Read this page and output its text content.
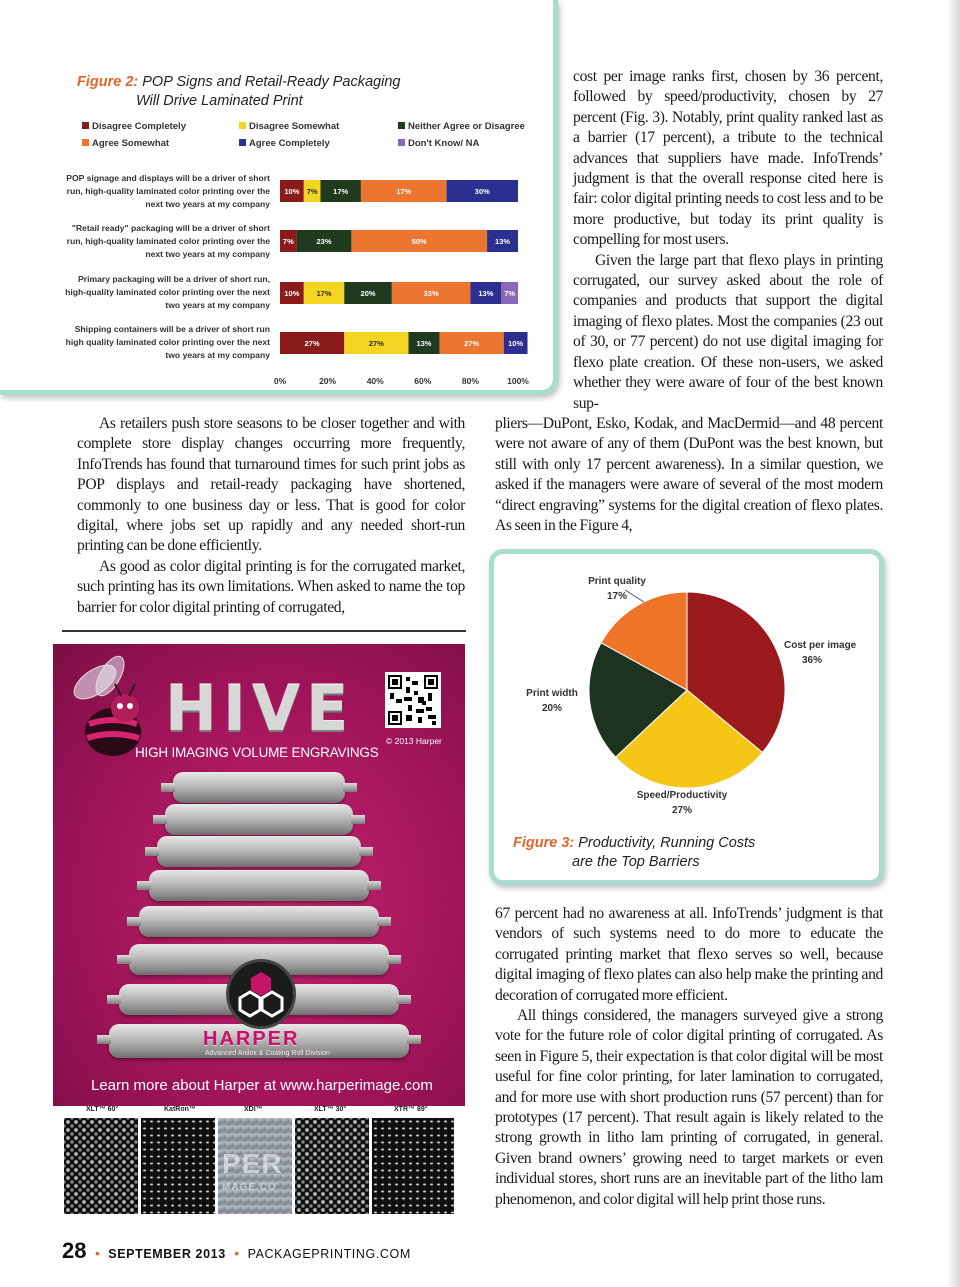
Figure 2: POP Signs and Retail-Ready Packaging
Will Drive Laminated Print
Disagree Completely	Disagree Somewhat	Neither Agree or Disagree
Agree Somewhat	Agree Completely	Don't Know/ NA
POP signage and displays will be a driver of short
run, high-quality laminated color printing over the
next two years at my company
10% 7% 17%	17%	30%
"Retail ready" packaging will be a driver of short
run, high-quality laminated color printing over the
next two years at my company
7%	23%	50%	13%
Primary packaging will be a driver of short run,
high-quality laminated color printing over the next
two years at my company
10% 17%	20%	33%	13% 7%
Shipping containers will be a driver of short run
high quality laminated color printing over the next
two years at my company
27%	27%	13%	27%	10%
0%	20%	40%	60%	80%	100%

cost per image ranks first, chosen by 36 percent, followed by speed/productivity, chosen by 27 percent (Fig. 3). Notably, print quality ranked last as a barrier (17 percent), a tribute to the technical advances that suppliers have made. InfoTrends’ judgment is that the overall response cited here is fair: color digital printing needs to cost less and to be more productive, but today its print quality is compelling for most users.

Given the large part that flexo plays in printing corrugated, our survey asked about the role of companies and products that support the digital imaging of flexo plates. Most the companies (23 out of 30, or 77 percent) do not use digital imaging for flexo plate creation. Of these non-users, we asked whether they were aware of four of the best known sup-

pliers—DuPont, Esko, Kodak, and MacDermid—and 48 percent were not aware of any of them (DuPont was the best known, but still with only 17 percent awareness). In a similar question, we asked if the managers were aware of several of the most modern “direct engraving” systems for the digital creation of flexo plates. As seen in the Figure 4,

As retailers push store seasons to be closer together and with complete store display changes occurring more frequently, InfoTrends has found that turnaround times for such print jobs as POP displays and retail-ready packaging have shortened, commonly to one business day or less. That is good for color digital, where jobs set up rapidly and any needed short-run printing can be done efficiently.

As good as color digital printing is for the corrugated market, such printing has its own limitations. When asked to name the top barrier for color digital printing of corrugated,

Cost per image
36%
Speed/Productivity
27%
Print width
20%
Print quality
17%
Figure 3: Productivity, Running Costs
are the Top Barriers

67 percent had no awareness at all. InfoTrends’ judgment is that vendors of such systems need to do more to educate the corrugated printing market that flexo serves so well, because digital imaging of flexo plates can also help make the printing and decoration of corrugated more efficient.

All things considered, the managers surveyed give a strong vote for the future role of color digital printing of corrugated. As seen in Figure 5, their expectation is that color digital will be most useful for fine color printing, for later lamination to corrugated, and for more use with short production runs (57 percent) than for prototypes (17 percent). That result again is likely related to the strong growth in litho lam printing of corrugated, in general. Given brand owners’ growing need to target markets or even individual stores, short runs are an inevitable part of the litho lam phenomenon, and color digital will help print those runs.

HIVE	© 2013 Harper
HIGH IMAGING VOLUME ENGRAVINGS
HARPER
Advanced Anilox & Coating Roll Division
Learn more about Harper at www.harperimage.com
XLT™ 60°	KatRon™	XDI™	XLT™ 30°	XTR™ 89°
PER
MAGE.CO
28 • SEPTEMBER 2013 • PACKAGEPRINTING.COM
